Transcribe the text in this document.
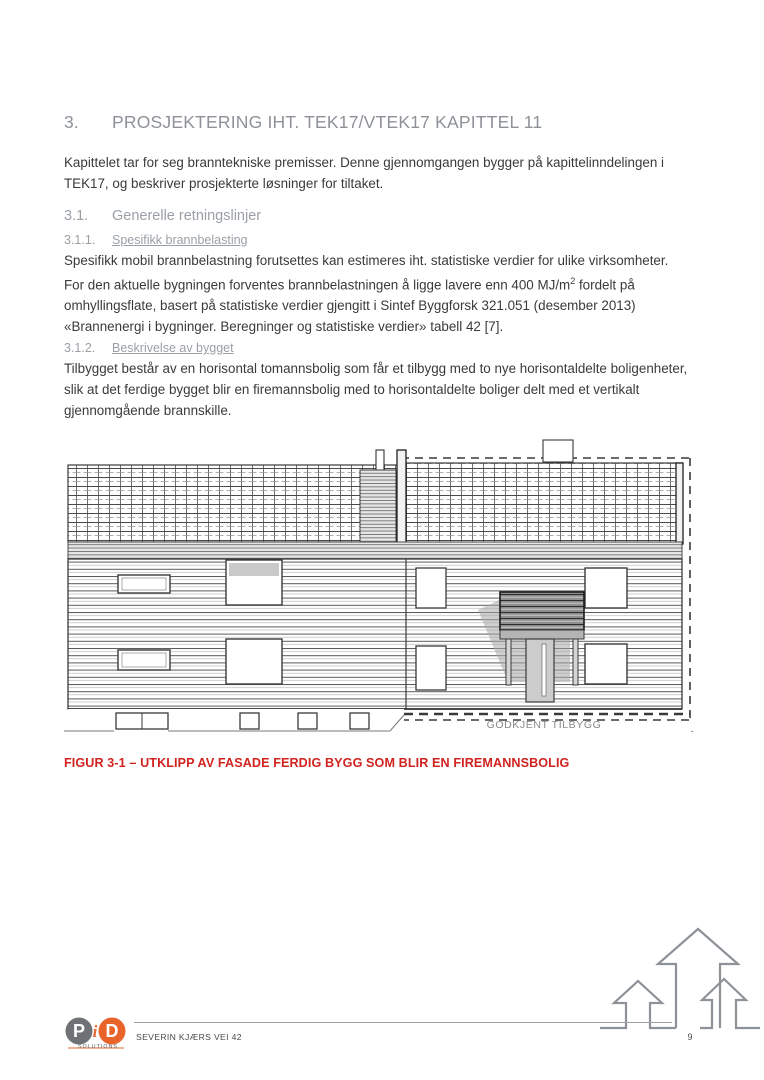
3. PROSJEKTERING IHT. TEK17/VTEK17 KAPITTEL 11
Kapittelet tar for seg branntekniske premisser. Denne gjennomgangen bygger på kapittelinndelingen i TEK17, og beskriver prosjekterte løsninger for tiltaket.
3.1. Generelle retningslinjer
3.1.1. Spesifikk brannbelasting
Spesifikk mobil brannbelastning forutsettes kan estimeres iht. statistiske verdier for ulike virksomheter. For den aktuelle bygningen forventes brannbelastningen å ligge lavere enn 400 $MJ/m^2$ fordelt på omhyllingsflate, basert på statistiske verdier gjengitt i Sintef Byggforsk 321.051 (desember 2013) «Brannenergi i bygninger. Beregninger og statistiske verdier» tabell 42 [7].
3.1.2. Beskrivelse av bygget
Tilbygget består av en horisontal tomannsbolig som får et tilbygg med to nye horisontaldelte boligenheter, slik at det ferdige bygget blir en firemannsbolig med to horisontaldelte boliger delt med et vertikalt gjennomgående brannskille.
GODKJENT TILBYGG
FIGUR 3-1 – UTKLIPP AV FASADE FERDIG BYGG SOM BLIR EN FIREMANNSBOLIG
SEVERIN KJÆRS VEI 42	9
P i D
SOLUTIONS
